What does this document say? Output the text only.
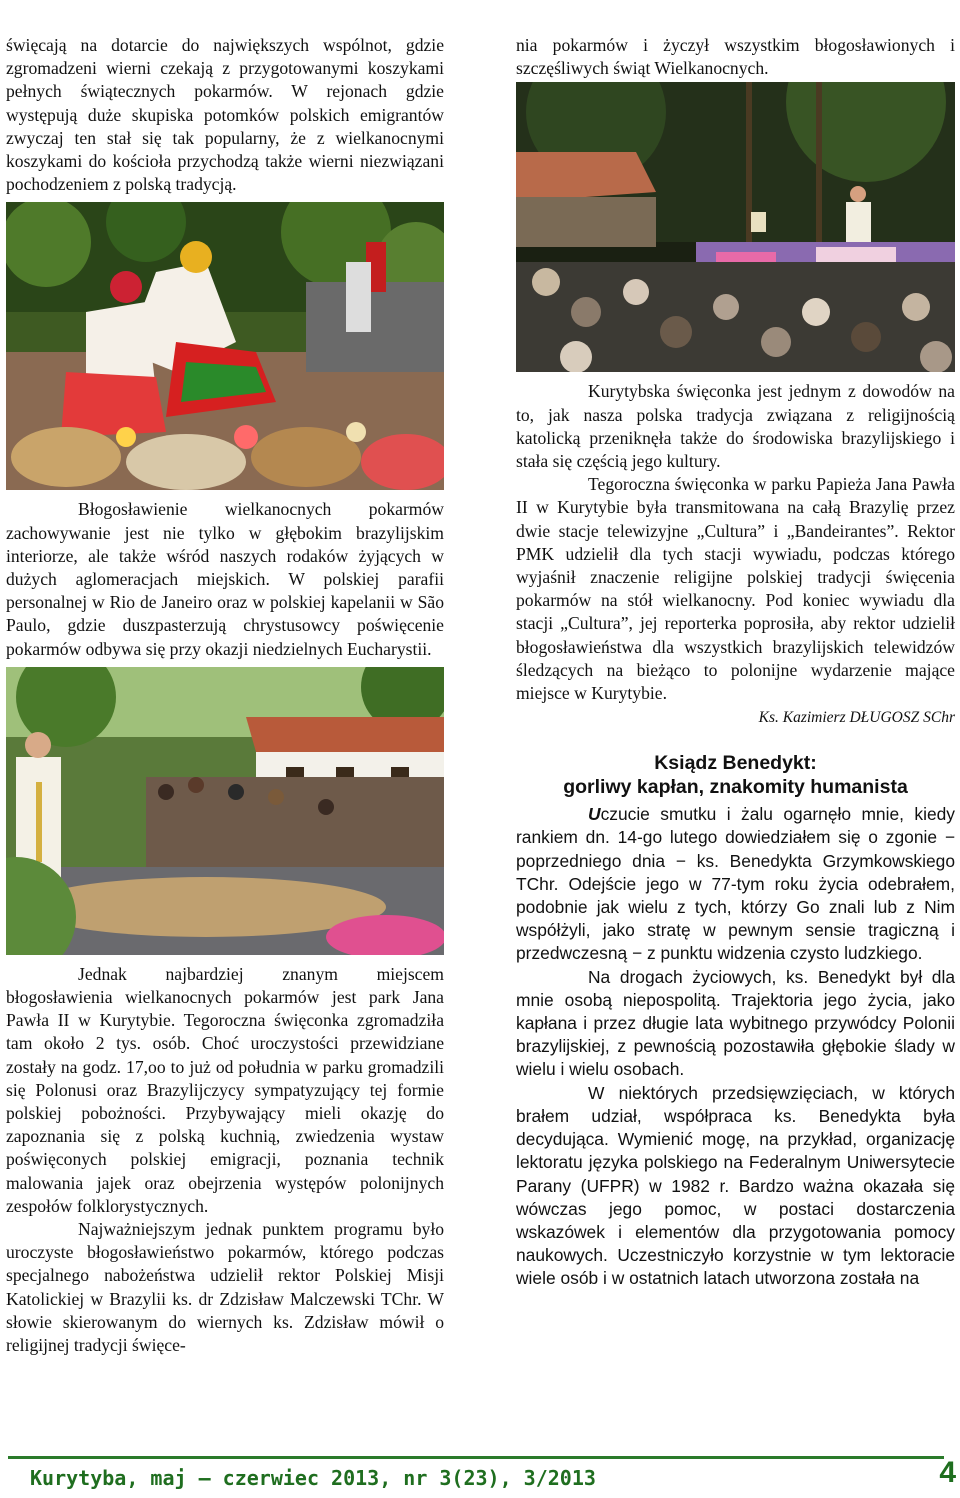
święcają na dotarcie do największych wspólnot, gdzie zgromadzeni wierni czekają z przygotowanymi koszykami pełnych świątecznych pokarmów. W rejonach gdzie występują duże skupiska potomków polskich emigrantów zwyczaj ten stał się tak popularny, że z wielkanocnymi koszykami do kościoła przychodzą także wierni niezwiązani pochodzeniem z polską tradycją.

Błogosławienie wielkanocnych pokarmów zachowywanie jest nie tylko w głębokim brazylijskim interiorze, ale także wśród naszych rodaków żyjących w dużych aglomeracjach miejskich. W polskiej parafii personalnej w Rio de Janeiro oraz w polskiej kapelanii w São Paulo, gdzie duszpasterzują chrystusowcy poświęcenie pokarmów odbywa się przy okazji niedzielnych Eucharystii.

Jednak najbardziej znanym miejscem błogosławienia wielkanocnych pokarmów jest park Jana Pawła II w Kurytybie. Tegoroczna święconka zgromadziła tam około 2 tys. osób. Choć uroczystości przewidziane zostały na godz. 17,oo to już od południa w parku gromadzili się Polonusi oraz Brazylijczycy sympatyzujący tej formie polskiej pobożności. Przybywający mieli okazję do zapoznania się z polską kuchnią, zwiedzenia wystaw poświęconych polskiej emigracji, poznania technik malowania jajek oraz obejrzenia występów polonijnych zespołów folklorystycznych.

Najważniejszym jednak punktem programu było uroczyste błogosławieństwo pokarmów, którego podczas specjalnego nabożeństwa udzielił rektor Polskiej Misji Katolickiej w Brazylii ks. dr Zdzisław Malczewski TChr. W słowie skierowanym do wiernych ks. Zdzisław mówił o religijnej tradycji święce-

nia pokarmów i życzył wszystkim błogosławionych i szczęśliwych świąt Wielkanocnych.

Kurytybska święconka jest jednym z dowodów na to, jak nasza polska tradycja związana z religijnością katolicką przeniknęła także do środowiska brazylijskiego i stała się częścią jego kultury.

Tegoroczna święconka w parku Papieża Jana Pawła II w Kurytybie była transmitowana na całą Brazylię przez dwie stacje telewizyjne „Cultura” i „Bandeirantes”. Rektor PMK udzielił dla tych stacji wywiadu, podczas którego wyjaśnił znaczenie religijne polskiej tradycji święcenia pokarmów na stół wielkanocny. Pod koniec wywiadu dla stacji „Cultura”, jej reporterka poprosiła, aby rektor udzielił błogosławieństwa dla wszystkich brazylijskich telewidzów śledzących na bieżąco to polonijne wydarzenie mające miejsce w Kurytybie.

Ks. Kazimierz DŁUGOSZ SChr
Ksiądz Benedykt:
gorliwy kapłan, znakomity humanista

Uczucie smutku i żalu ogarnęło mnie, kiedy rankiem dn. 14-go lutego dowiedziałem się o zgonie − poprzedniego dnia − ks. Benedykta Grzymkowskiego TChr. Odejście jego w 77-tym roku życia odebrałem, podobnie jak wielu z tych, którzy Go znali lub z Nim współżyli, jako stratę w pewnym sensie tragiczną i przedwczesną − z punktu widzenia czysto ludzkiego.

Na drogach życiowych, ks. Benedykt był dla mnie osobą niepospolitą. Trajektoria jego życia, jako kapłana i przez długie lata wybitnego przywódcy Polonii brazylijskiej, z pewnością pozostawiła głębokie ślady w wielu i wielu osobach.

W niektórych przedsięwzięciach, w których brałem udział, współpraca ks. Benedykta była decydująca. Wymienić mogę, na przykład, organizację lektoratu języka polskiego na Federalnym Uniwersytecie Parany (UFPR) w 1982 r. Bardzo ważna okazała się wówczas jego pomoc, w postaci dostarczenia wskazówek i elementów dla przygotowania pomocy naukowych. Uczestniczyło korzystnie w tym lektoracie wiele osób i w ostatnich latach utworzona została na

Kurytyba, maj – czerwiec 2013, nr 3(23), 3/2013	4
